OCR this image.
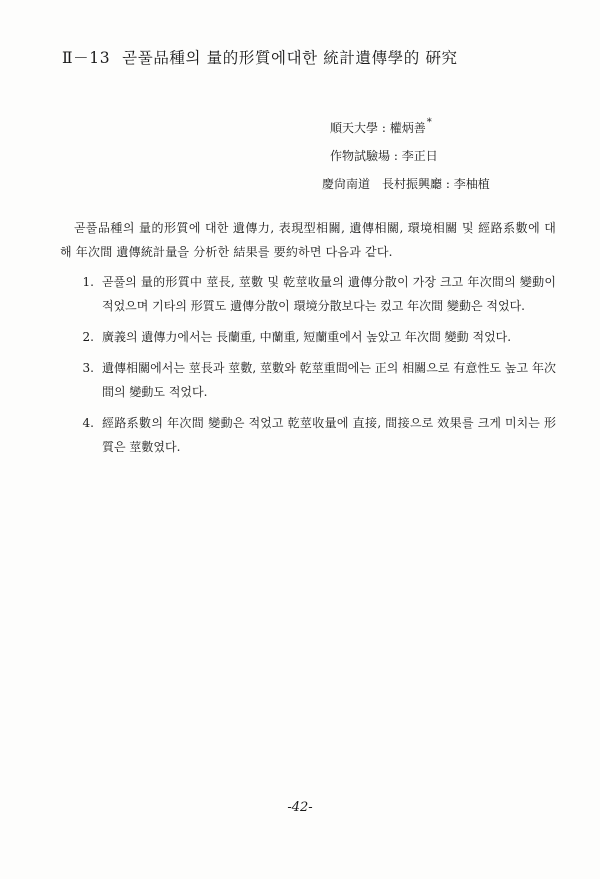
Ⅱ－13 곧풀品種의 量的形質에대한 統計遺傳學的 硏究
順天大學 : 權炳善*
作物試驗場 : 李正日
慶尙南道　長村振興廳 : 李柚植

곧풀品種의 量的形質에 대한 遺傳力, 表現型相關, 遺傳相關, 環境相關 및 經路系數에 대해 年次間 遺傳統計量을 分析한 結果를 要約하면 다음과 같다.

1. 곧풀의 量的形質中 莖長, 莖數 및 乾莖收量의 遺傳分散이 가장 크고 年次間의 變動이 적었으며 기타의 形質도 遺傳分散이 環境分散보다는 컸고 年次間 變動은 적었다.
2. 廣義의 遺傳力에서는 長蘭重, 中蘭重, 短蘭重에서 높았고 年次間 變動 적었다.
3. 遺傳相關에서는 莖長과 莖數, 莖數와 乾莖重間에는 正의 相關으로 有意性도 높고 年次間의 變動도 적었다.
4. 經路系數의 年次間 變動은 적었고 乾莖收量에 直接, 間接으로 效果를 크게 미치는 形質은 莖數였다.
-42-
